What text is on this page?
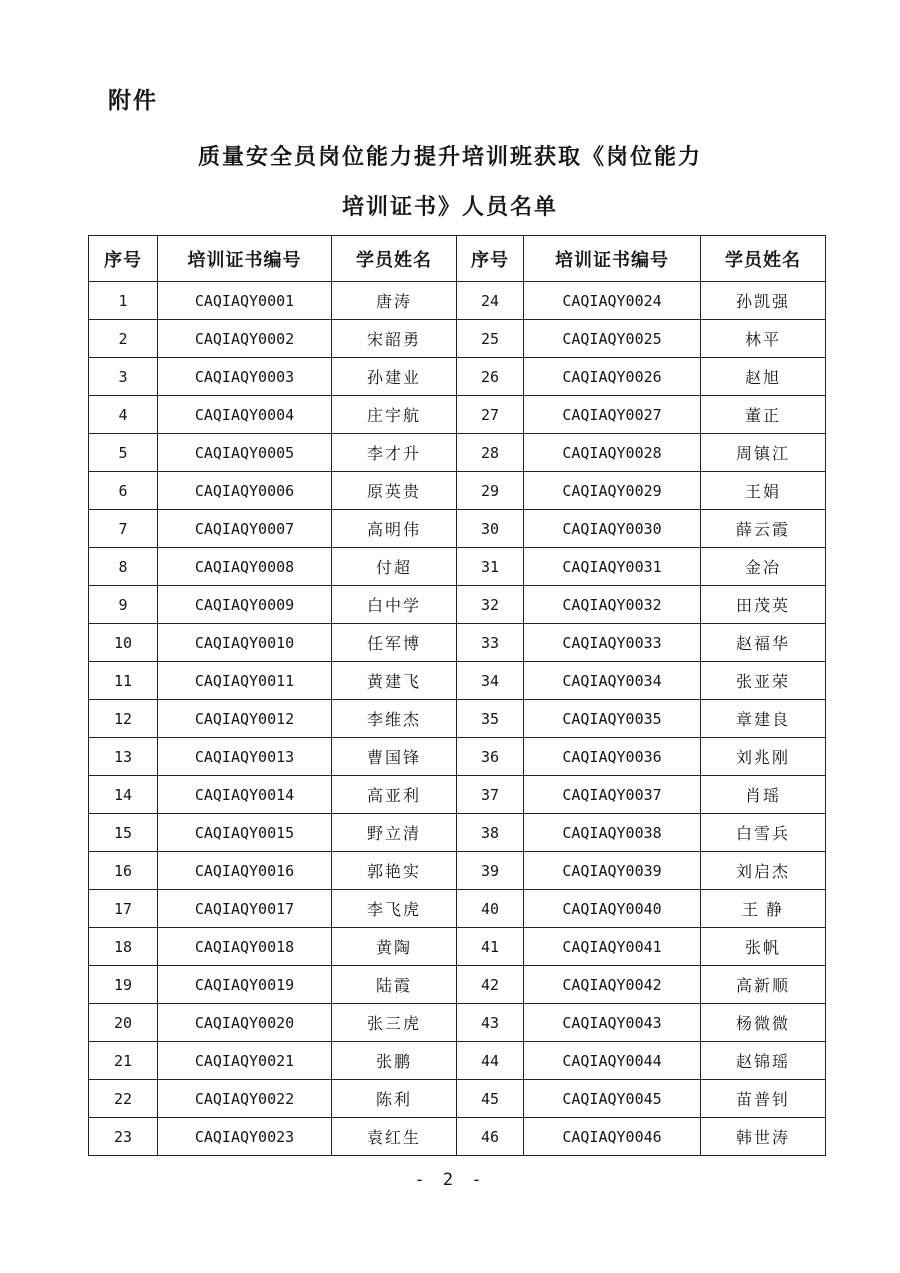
附件
质量安全员岗位能力提升培训班获取《岗位能力
培训证书》人员名单
序号	培训证书编号	学员姓名	序号	培训证书编号	学员姓名
1	CAQIAQY0001	唐涛	24	CAQIAQY0024	孙凯强
2	CAQIAQY0002	宋韶勇	25	CAQIAQY0025	林平
3	CAQIAQY0003	孙建业	26	CAQIAQY0026	赵旭
4	CAQIAQY0004	庄宇航	27	CAQIAQY0027	董正
5	CAQIAQY0005	李才升	28	CAQIAQY0028	周镇江
6	CAQIAQY0006	原英贵	29	CAQIAQY0029	王娟
7	CAQIAQY0007	高明伟	30	CAQIAQY0030	薛云霞
8	CAQIAQY0008	付超	31	CAQIAQY0031	金冶
9	CAQIAQY0009	白中学	32	CAQIAQY0032	田茂英
10	CAQIAQY0010	任军博	33	CAQIAQY0033	赵福华
11	CAQIAQY0011	黄建飞	34	CAQIAQY0034	张亚荣
12	CAQIAQY0012	李维杰	35	CAQIAQY0035	章建良
13	CAQIAQY0013	曹国锋	36	CAQIAQY0036	刘兆刚
14	CAQIAQY0014	高亚利	37	CAQIAQY0037	肖瑶
15	CAQIAQY0015	野立清	38	CAQIAQY0038	白雪兵
16	CAQIAQY0016	郭艳实	39	CAQIAQY0039	刘启杰
17	CAQIAQY0017	李飞虎	40	CAQIAQY0040	王 静
18	CAQIAQY0018	黄陶	41	CAQIAQY0041	张帆
19	CAQIAQY0019	陆霞	42	CAQIAQY0042	高新顺
20	CAQIAQY0020	张三虎	43	CAQIAQY0043	杨微微
21	CAQIAQY0021	张鹏	44	CAQIAQY0044	赵锦瑶
22	CAQIAQY0022	陈利	45	CAQIAQY0045	苗普钊
23	CAQIAQY0023	袁红生	46	CAQIAQY0046	韩世涛
- 2 -
